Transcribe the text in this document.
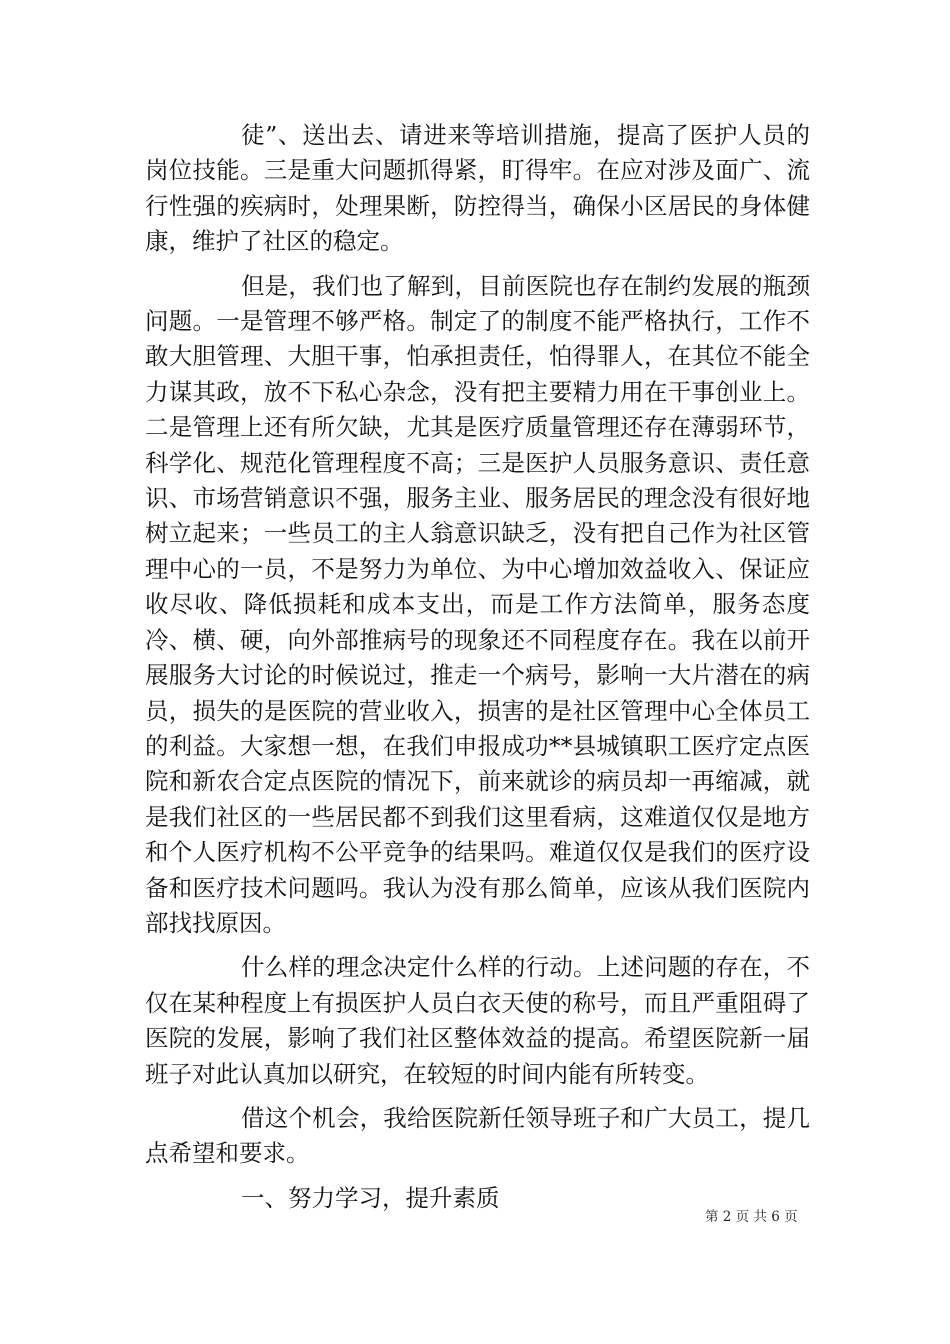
徒”、送出去、请进来等培训措施，提高了医护人员的岗位技能。三是重大问题抓得紧，盯得牢。在应对涉及面广、流行性强的疾病时，处理果断，防控得当，确保小区居民的身体健康，维护了社区的稳定。

但是，我们也了解到，目前医院也存在制约发展的瓶颈问题。一是管理不够严格。制定了的制度不能严格执行，工作不敢大胆管理、大胆干事，怕承担责任，怕得罪人，在其位不能全力谋其政，放不下私心杂念，没有把主要精力用在干事创业上。二是管理上还有所欠缺，尤其是医疗质量管理还存在薄弱环节，科学化、规范化管理程度不高；三是医护人员服务意识、责任意识、市场营销意识不强，服务主业、服务居民的理念没有很好地树立起来；一些员工的主人翁意识缺乏，没有把自己作为社区管理中心的一员，不是努力为单位、为中心增加效益收入、保证应收尽收、降低损耗和成本支出，而是工作方法简单，服务态度冷、横、硬，向外部推病号的现象还不同程度存在。我在以前开展服务大讨论的时候说过，推走一个病号，影响一大片潜在的病员，损失的是医院的营业收入，损害的是社区管理中心全体员工的利益。大家想一想，在我们申报成功**县城镇职工医疗定点医院和新农合定点医院的情况下，前来就诊的病员却一再缩减，就是我们社区的一些居民都不到我们这里看病，这难道仅仅是地方和个人医疗机构不公平竞争的结果吗。难道仅仅是我们的医疗设备和医疗技术问题吗。我认为没有那么简单，应该从我们医院内部找找原因。

什么样的理念决定什么样的行动。上述问题的存在，不仅在某种程度上有损医护人员白衣天使的称号，而且严重阻碍了医院的发展，影响了我们社区整体效益的提高。希望医院新一届班子对此认真加以研究，在较短的时间内能有所转变。

借这个机会，我给医院新任领导班子和广大员工，提几点希望和要求。

一、努力学习，提升素质

第 2 页 共 6 页
